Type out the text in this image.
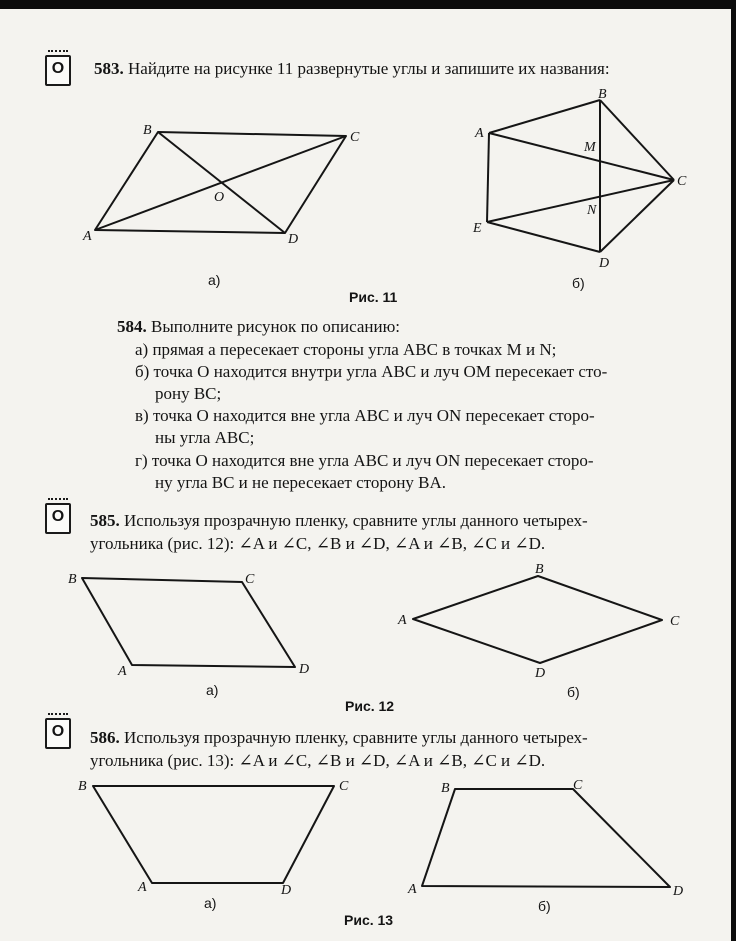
O 583. Найдите на рисунке 11 развернутые углы и запишите их названия:
B	C
O
A	D
B
A
M
C
N
E
D
B	C
A	D
B
A	C
D
B	C
A	D
B	C
A	D
а)	б)
Рис. 11
584. Выполните рисунок по описанию:
а) прямая a пересекает стороны угла ABC в точках M и N;
б) точка O находится внутри угла ABC и луч OM пересекает сто-
рону BC;
в) точка O находится вне угла ABC и луч ON пересекает сторо-
ны угла ABC;
г) точка O находится вне угла ABC и луч ON пересекает сторо-
ну угла BC и не пересекает сторону BA.
O 585. Используя прозрачную пленку, сравните углы данного четырех-
угольника (рис. 12): ∠A и ∠C, ∠B и ∠D, ∠A и ∠B, ∠C и ∠D.
а)	б)
Рис. 12
O 586. Используя прозрачную пленку, сравните углы данного четырех-
угольника (рис. 13): ∠A и ∠C, ∠B и ∠D, ∠A и ∠B, ∠C и ∠D.
а)	б)
Рис. 13
